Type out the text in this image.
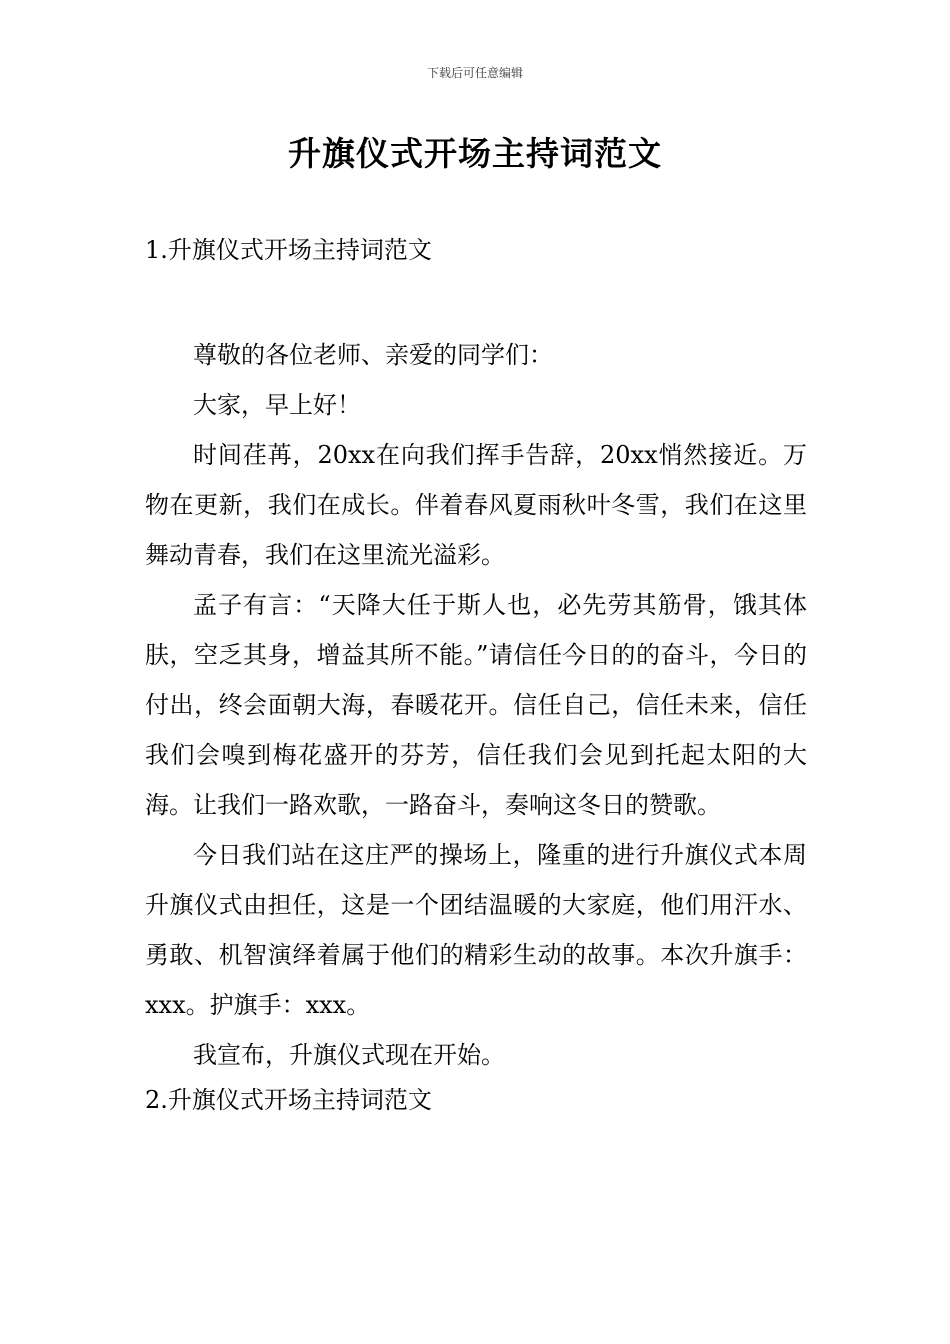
下载后可任意编辑
升旗仪式开场主持词范文
1.升旗仪式开场主持词范文

尊敬的各位老师、亲爱的同学们：

大家，早上好！

时间荏苒，20xx在向我们挥手告辞，20xx悄然接近。万物在更新，我们在成长。伴着春风夏雨秋叶冬雪，我们在这里舞动青春，我们在这里流光溢彩。

孟子有言：“天降大任于斯人也，必先劳其筋骨，饿其体肤，空乏其身，增益其所不能。”请信任今日的的奋斗，今日的付出，终会面朝大海，春暖花开。信任自己，信任未来，信任我们会嗅到梅花盛开的芬芳，信任我们会见到托起太阳的大海。让我们一路欢歌，一路奋斗，奏响这冬日的赞歌。

今日我们站在这庄严的操场上，隆重的进行升旗仪式本周升旗仪式由担任，这是一个团结温暖的大家庭，他们用汗水、勇敢、机智演绎着属于他们的精彩生动的故事。本次升旗手：xxx。护旗手：xxx。

我宣布，升旗仪式现在开始。

2.升旗仪式开场主持词范文
